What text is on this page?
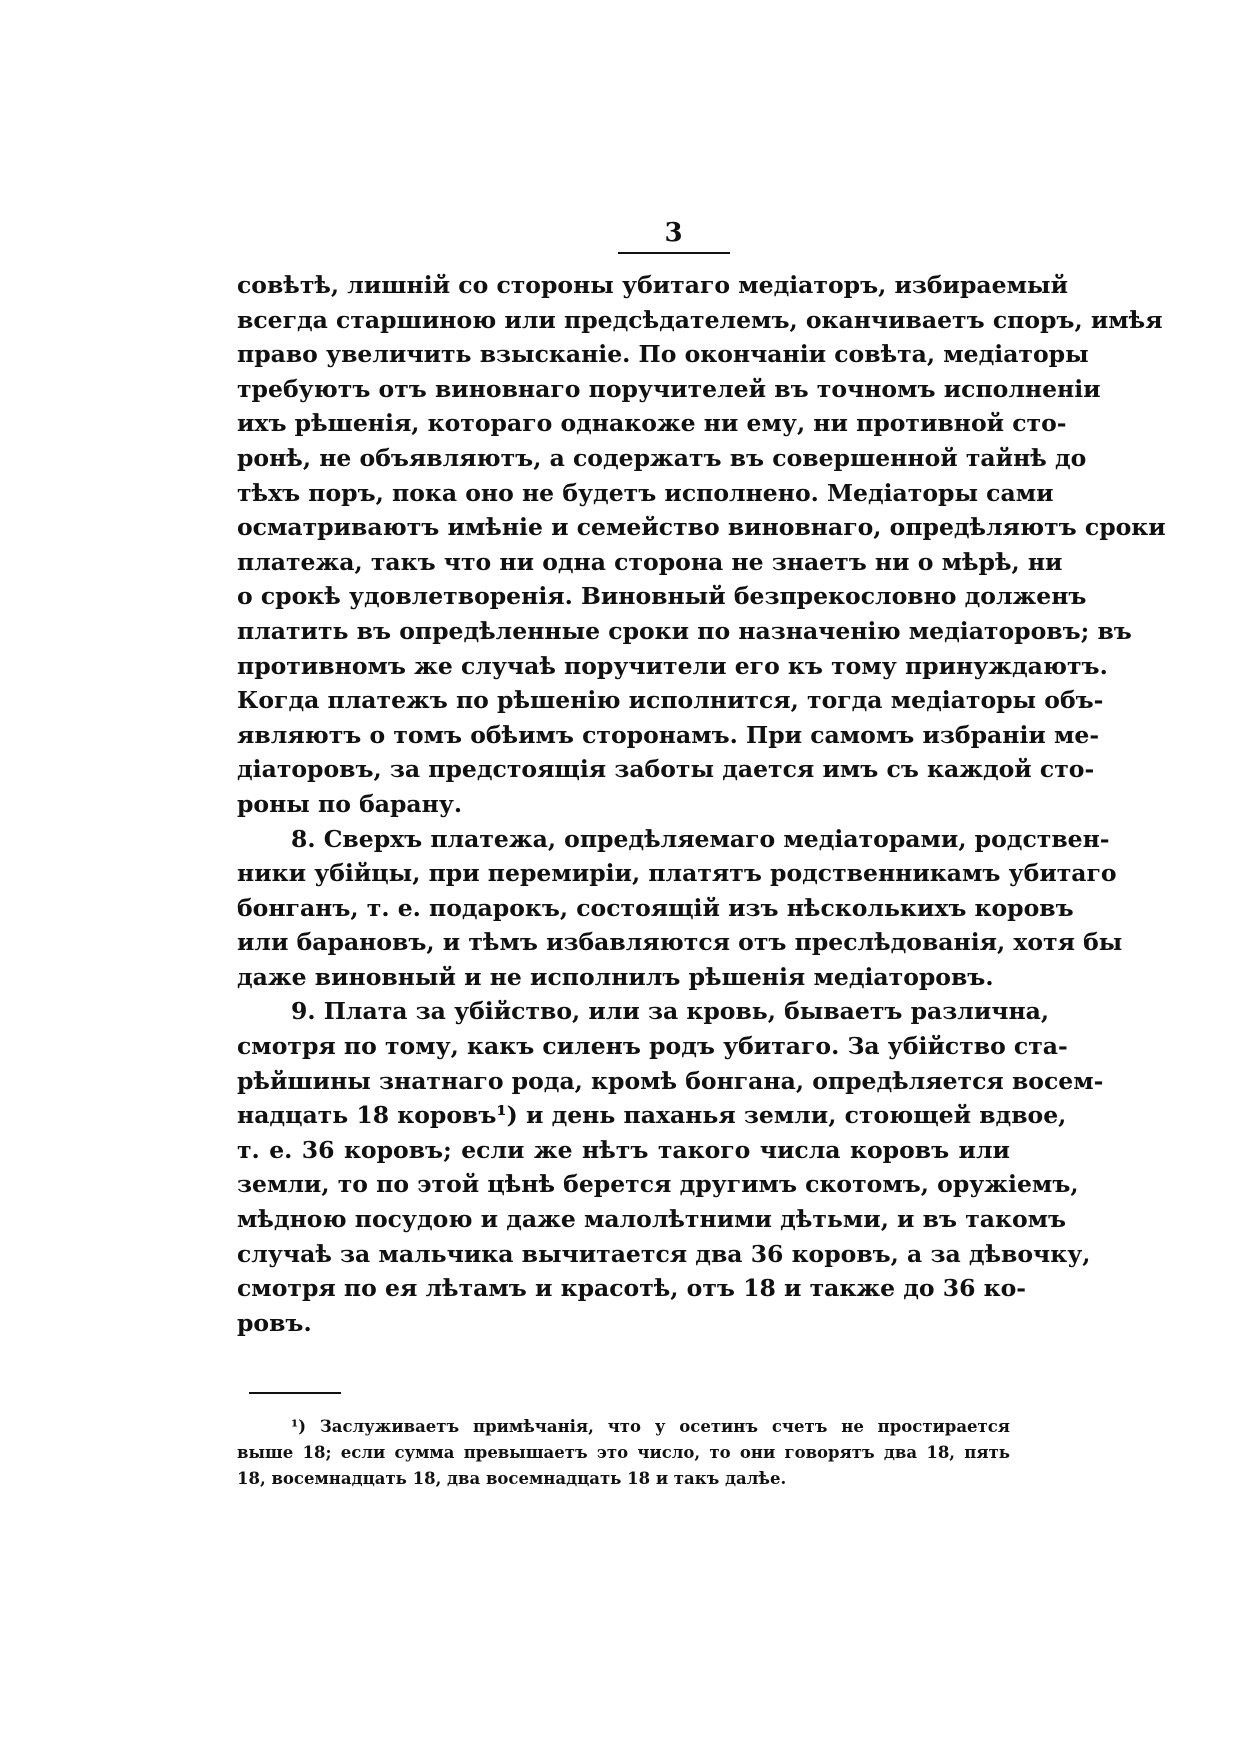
3

совѣтѣ, лишній со стороны убитаго медіаторъ, избираемый
всегда старшиною или предсѣдателемъ, оканчиваетъ споръ, имѣя
право увеличить взысканіе. По окончаніи совѣта, медіаторы
требуютъ отъ виновнаго поручителей въ точномъ исполненіи
ихъ рѣшенія, котораго однакоже ни ему, ни противной сто-
ронѣ, не объявляютъ, а содержатъ въ совершенной тайнѣ до
тѣхъ поръ, пока оно не будетъ исполнено. Медіаторы сами
осматриваютъ имѣніе и семейство виновнаго, опредѣляютъ сроки
платежа, такъ что ни одна сторона не знаетъ ни о мѣрѣ, ни
о срокѣ удовлетворенія. Виновный безпрекословно долженъ
платить въ опредѣленные сроки по назначенію медіаторовъ; въ
противномъ же случаѣ поручители его къ тому принуждаютъ.
Когда платежъ по рѣшенію исполнится, тогда медіаторы объ-
являютъ о томъ обѣимъ сторонамъ. При самомъ избраніи ме-
діаторовъ, за предстоящія заботы дается имъ съ каждой сто-
роны по барану.

8. Сверхъ платежа, опредѣляемаго медіаторами, родствен-
ники убійцы, при перемиріи, платятъ родственникамъ убитаго
бонганъ, т. е. подарокъ, состоящій изъ нѣсколькихъ коровъ
или барановъ, и тѣмъ избавляются отъ преслѣдованія, хотя бы
даже виновный и не исполнилъ рѣшенія медіаторовъ.

9. Плата за убійство, или за кровь, бываетъ различна,
смотря по тому, какъ силенъ родъ убитаго. За убійство ста-
рѣйшины знатнаго рода, кромѣ бонгана, опредѣляется восем-
надцать 18 коровъ¹) и день паханья земли, стоющей вдвое,
т. е. 36 коровъ; если же нѣтъ такого числа коровъ или
земли, то по этой цѣнѣ берется другимъ скотомъ, оружіемъ,
мѣдною посудою и даже малолѣтними дѣтьми, и въ такомъ
случаѣ за мальчика вычитается два 36 коровъ, а за дѣвочку,
смотря по ея лѣтамъ и красотѣ, отъ 18 и также до 36 ко-
ровъ.

¹) Заслуживаетъ примѣчанія, что у осетинъ счетъ не простирается
выше 18; если сумма превышаетъ это число, то они говорятъ два 18, пять
18, восемнадцать 18, два восемнадцать 18 и такъ далѣе.
